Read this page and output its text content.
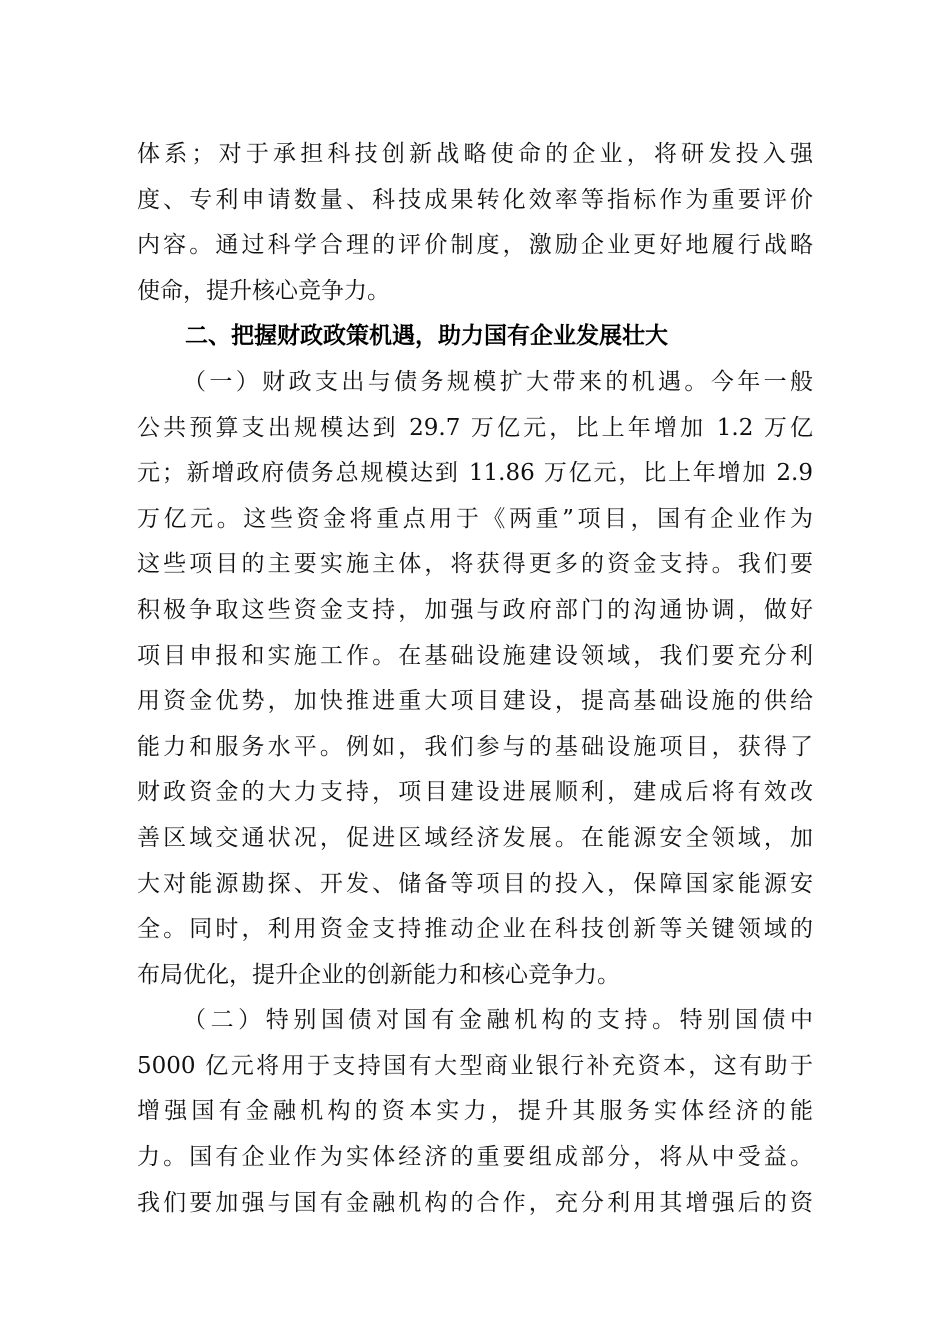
体系；对于承担科技创新战略使命的企业，将研发投入强
度、专利申请数量、科技成果转化效率等指标作为重要评价
内容。通过科学合理的评价制度，激励企业更好地履行战略
使命，提升核心竞争力。
二、把握财政政策机遇，助力国有企业发展壮大
（一）财政支出与债务规模扩大带来的机遇。今年一般
公共预算支出规模达到 29.7 万亿元，比上年增加 1.2 万亿
元；新增政府债务总规模达到 11.86 万亿元，比上年增加 2.9
万亿元。这些资金将重点用于《两重”项目，国有企业作为
这些项目的主要实施主体，将获得更多的资金支持。我们要
积极争取这些资金支持，加强与政府部门的沟通协调，做好
项目申报和实施工作。在基础设施建设领域，我们要充分利
用资金优势，加快推进重大项目建设，提高基础设施的供给
能力和服务水平。例如，我们参与的基础设施项目，获得了
财政资金的大力支持，项目建设进展顺利，建成后将有效改
善区域交通状况，促进区域经济发展。在能源安全领域，加
大对能源勘探、开发、储备等项目的投入，保障国家能源安
全。同时，利用资金支持推动企业在科技创新等关键领域的
布局优化，提升企业的创新能力和核心竞争力。
（二）特别国债对国有金融机构的支持。特别国债中
5000 亿元将用于支持国有大型商业银行补充资本，这有助于
增强国有金融机构的资本实力，提升其服务实体经济的能
力。国有企业作为实体经济的重要组成部分，将从中受益。
我们要加强与国有金融机构的合作，充分利用其增强后的资
